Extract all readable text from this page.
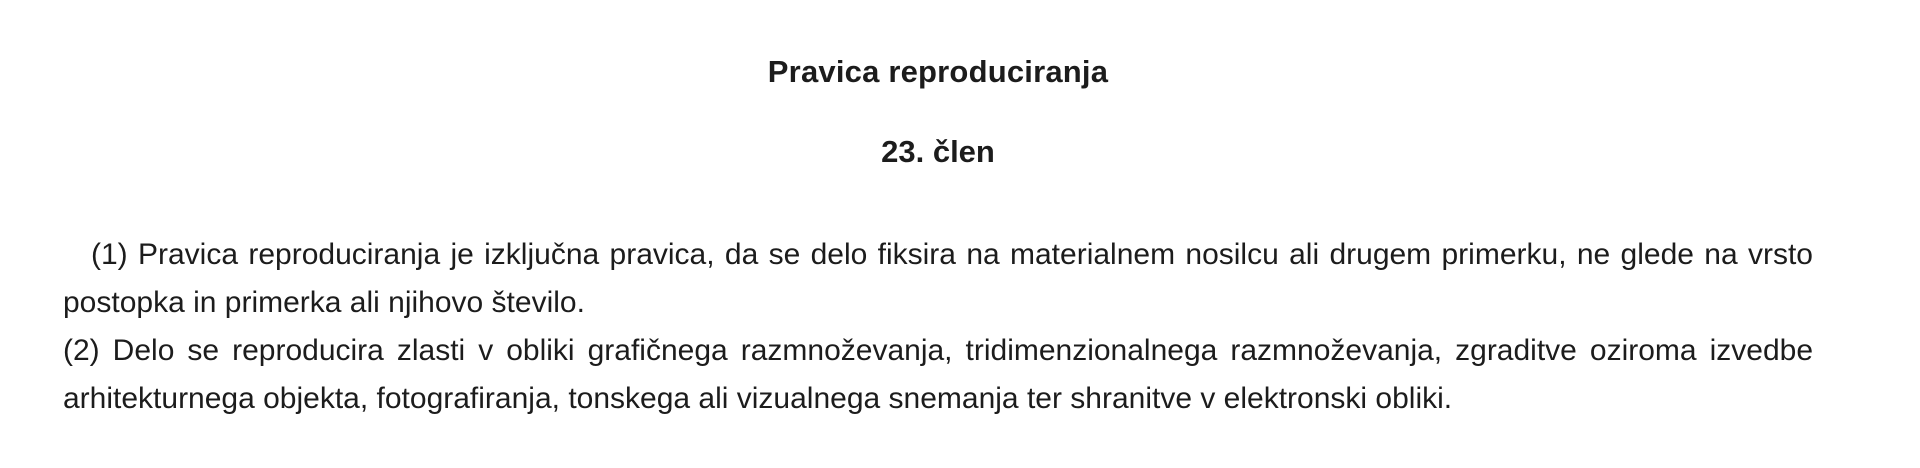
Pravica reproduciranja
23. člen
(1) Pravica reproduciranja je izključna pravica, da se delo fiksira na materialnem nosilcu ali drugem primerku, ne glede na vrsto
postopka in primerka ali njihovo število.
(2) Delo se reproducira zlasti v obliki grafičnega razmnoževanja, tridimenzionalnega razmnoževanja, zgraditve oziroma izvedbe
arhitekturnega objekta, fotografiranja, tonskega ali vizualnega snemanja ter shranitve v elektronski obliki.
